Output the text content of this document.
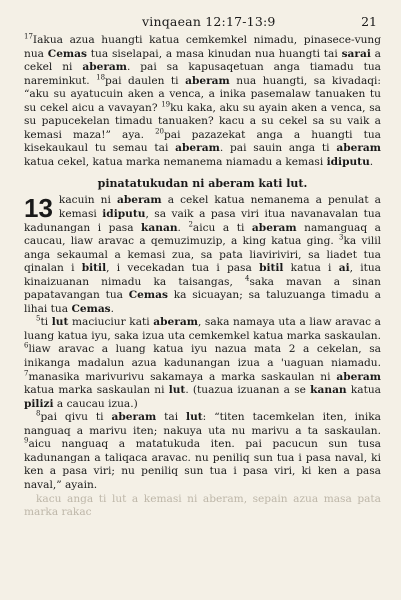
vinqaean 12:17-13:9	21

$^{17}$Iakua azua huangti katua cemkemkel nimadu, pinasece-vung nua Cemas tua siselapai, a masa kinudan nua huangti tai sarai a cekel ni aberam. pai sa kapusaqetuan anga tiamadu tua nareminkut. $^{18}$pai daulen ti aberam nua huangti, sa kivadaqi: “aku su ayatucuin aken a venca, a inika pasemalaw tanuaken tu su cekel aicu a vavayan? $^{19}$ku kaka, aku su ayain aken a venca, sa su papucekelan timadu tanuaken? kacu a su cekel sa su vaik a kemasi maza!” aya. $^{20}$pai pazazekat anga a huangti tua kisekaukaul tu semau tai aberam. pai sauin anga ti aberam katua cekel, katua marka nemanema niamadu a kemasi idiputu.

pinatatukudan ni aberam kati lut.

13 kacuin ni aberam a cekel katua nemanema a penulat a kemasi idiputu, sa vaik a pasa viri itua navanavalan tua kadunangan i pasa kanan. $^2$aicu a ti aberam namanguaq a caucau, liaw aravac a qemuzimuzip, a king katua ging. $^3$ka vilil anga sekaumal a kemasi zua, sa pata liaviriviri, sa liadet tua qinalan i bitil, i vecekadan tua i pasa bitil katua i ai, itua kinaizuanan nimadu ka taisangas, $^4$saka mavan a sinan papatavangan tua Cemas ka sicuayan; sa taluzuanga timadu a lihai tua Cemas.

$^5$ti lut maciuciur kati aberam, saka namaya uta a liaw aravac a luang katua iyu, saka izua uta cemkemkel katua marka saskaulan. $^6$liaw aravac a luang katua iyu nazua mata 2 a cekelan, sa inikanga madalun azua kadunangan izua a 'uaguan niamadu. $^7$manasika marivurivu sakamaya a marka saskaulan ni aberam katua marka saskaulan ni lut. (tuazua izuanan a se kanan katua pilizi a caucau izua.)

$^8$pai qivu ti aberam tai lut: “titen tacemkelan iten, inika nanguaq a marivu iten; nakuya uta nu marivu a ta saskaulan. $^9$aicu nanguaq a matatukuda iten. pai pacucun sun tusa kadunangan a taliqaca aravac. nu peniliq sun tua i pasa naval, ki ken a pasa viri; nu peniliq sun tua i pasa viri, ki ken a pasa naval,” ayain.

kacu anga ti lut a kemasi ni aberam, sepain azua masa pata marka rakac
